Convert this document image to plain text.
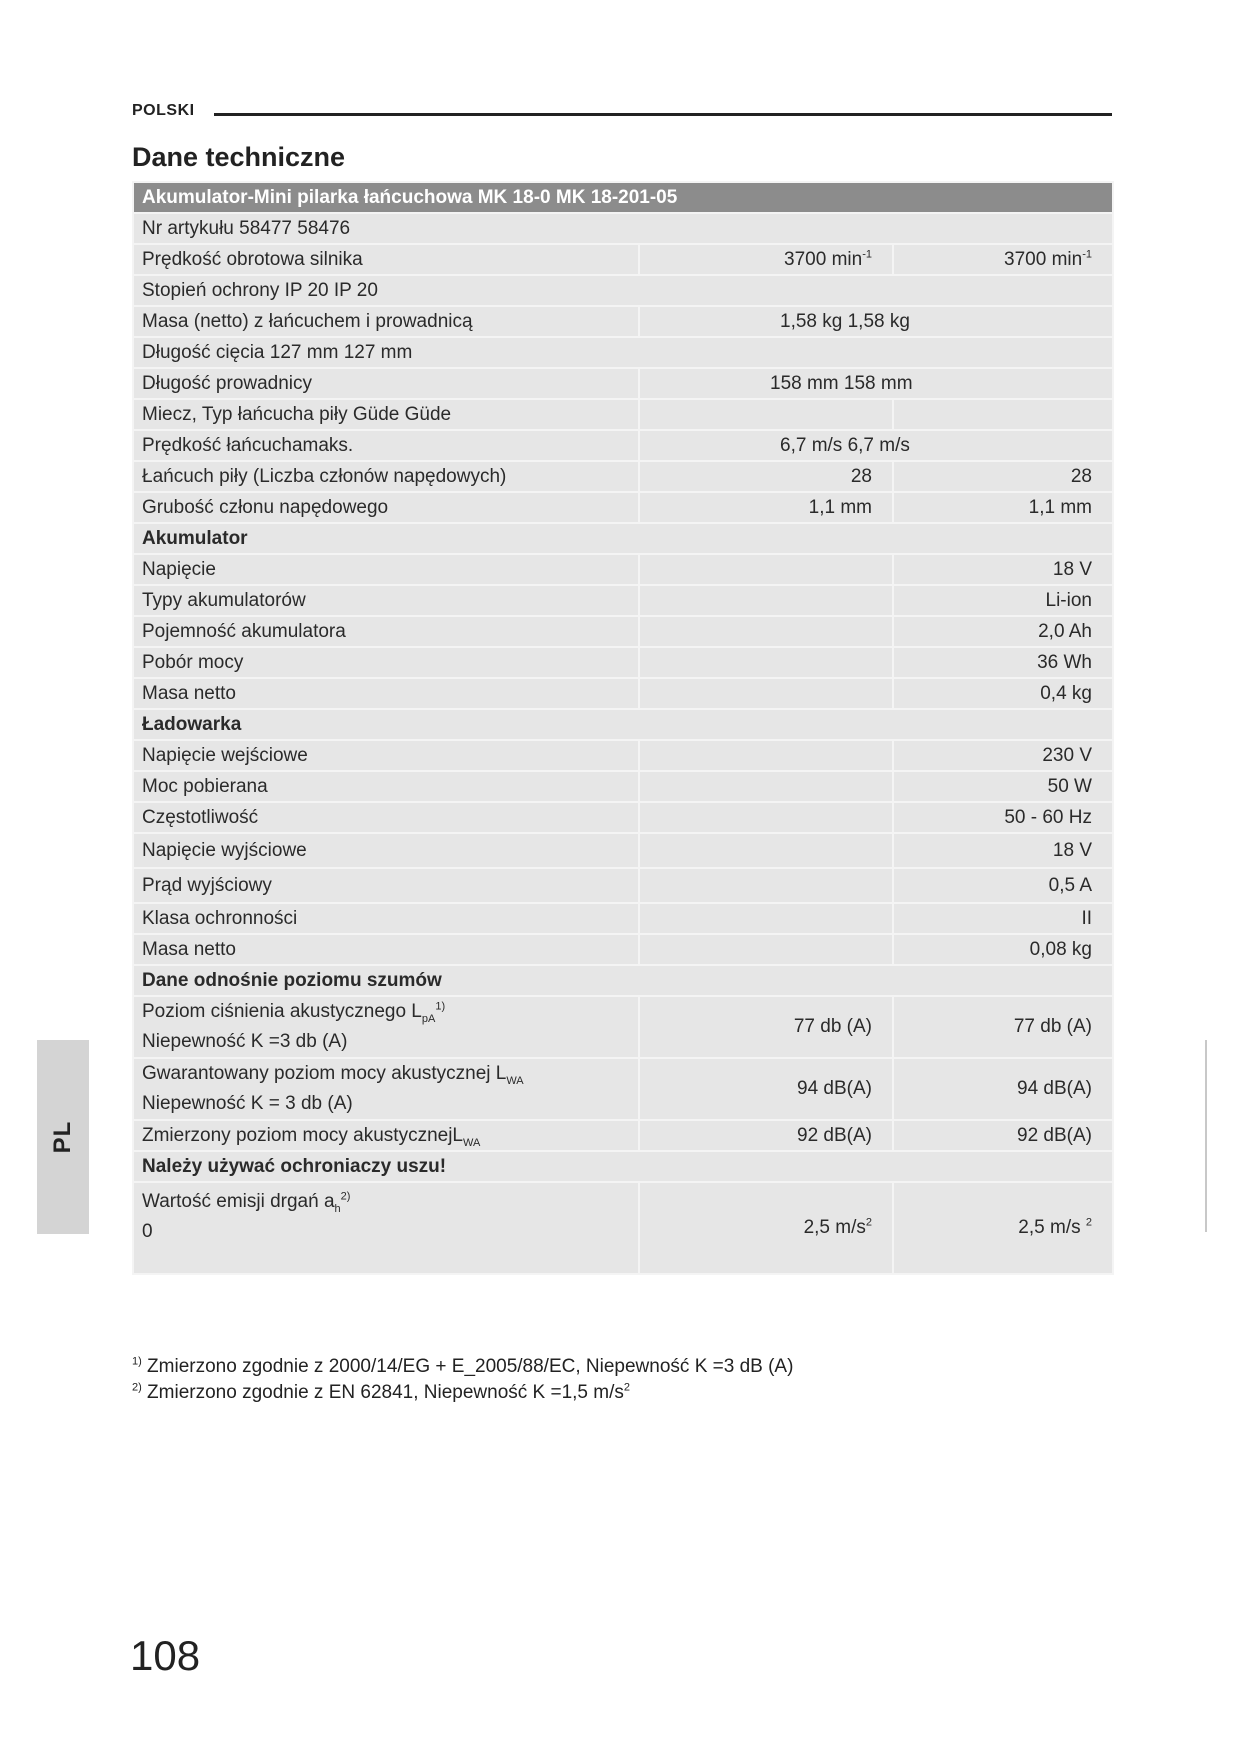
POLSKI
Dane techniczne
Akumulator-Mini pilarka łańcuchowa MK 18-0 MK 18-201-05		
Nr artykułu 58477 58476		
Prędkość obrotowa silnika	3700 $\min^{-1}$	3700 $\min^{-1}$
Stopień ochrony IP 20 IP 20		
Masa (netto) z łańcuchem i prowadnicą	1,58 kg 1,58 kg	
Długość cięcia 127 mm 127 mm		
Długość prowadnicy	158 mm 158 mm	
Miecz, Typ łańcucha piły Güde Güde		
Prędkość łańcuchamaks.	6,7 m/s 6,7 m/s	
Łańcuch piły (Liczba członów napędowych)	28	28
Grubość członu napędowego	1,1 mm	1,1 mm
Akumulator		
Napięcie		18 V
Typy akumulatorów		Li-ion
Pojemność akumulatora		2,0 Ah
Pobór mocy		36 Wh
Masa netto		0,4 kg
Ładowarka		
Napięcie wejściowe		230 V
Moc pobierana		50 W
Częstotliwość		50 - 60 Hz
Napięcie wyjściowe		18 V
Prąd wyjściowy		0,5 A
Klasa ochronności		II
Masa netto		0,08 kg
Dane odnośnie poziomu szumów		

Poziom ciśnienia akustycznego $L_{pA}^{1)}$
Niepewność K =3 db (A)	77 db (A)	77 db (A)

Gwarantowany poziom mocy akustycznej $L_{WA}$
Niepewność K = 3 db (A)	94 dB(A)	94 dB(A)
Zmierzony poziom mocy akustycznejL$_{WA}$	92 dB(A)	92 dB(A)
Należy używać ochroniaczy uszu!		

Wartość emisji drgań $a_h^{2)}$
0	2,5 $m/s^2$	2,5 m/s $^2$
$^{1)}$ Zmierzono zgodnie z 2000/14/EG + E_2005/88/EC, Niepewność K =3 dB (A)
$^{2)}$ Zmierzono zgodnie z EN 62841, Niepewność K =1,5 $m/s^2$
PL
108
